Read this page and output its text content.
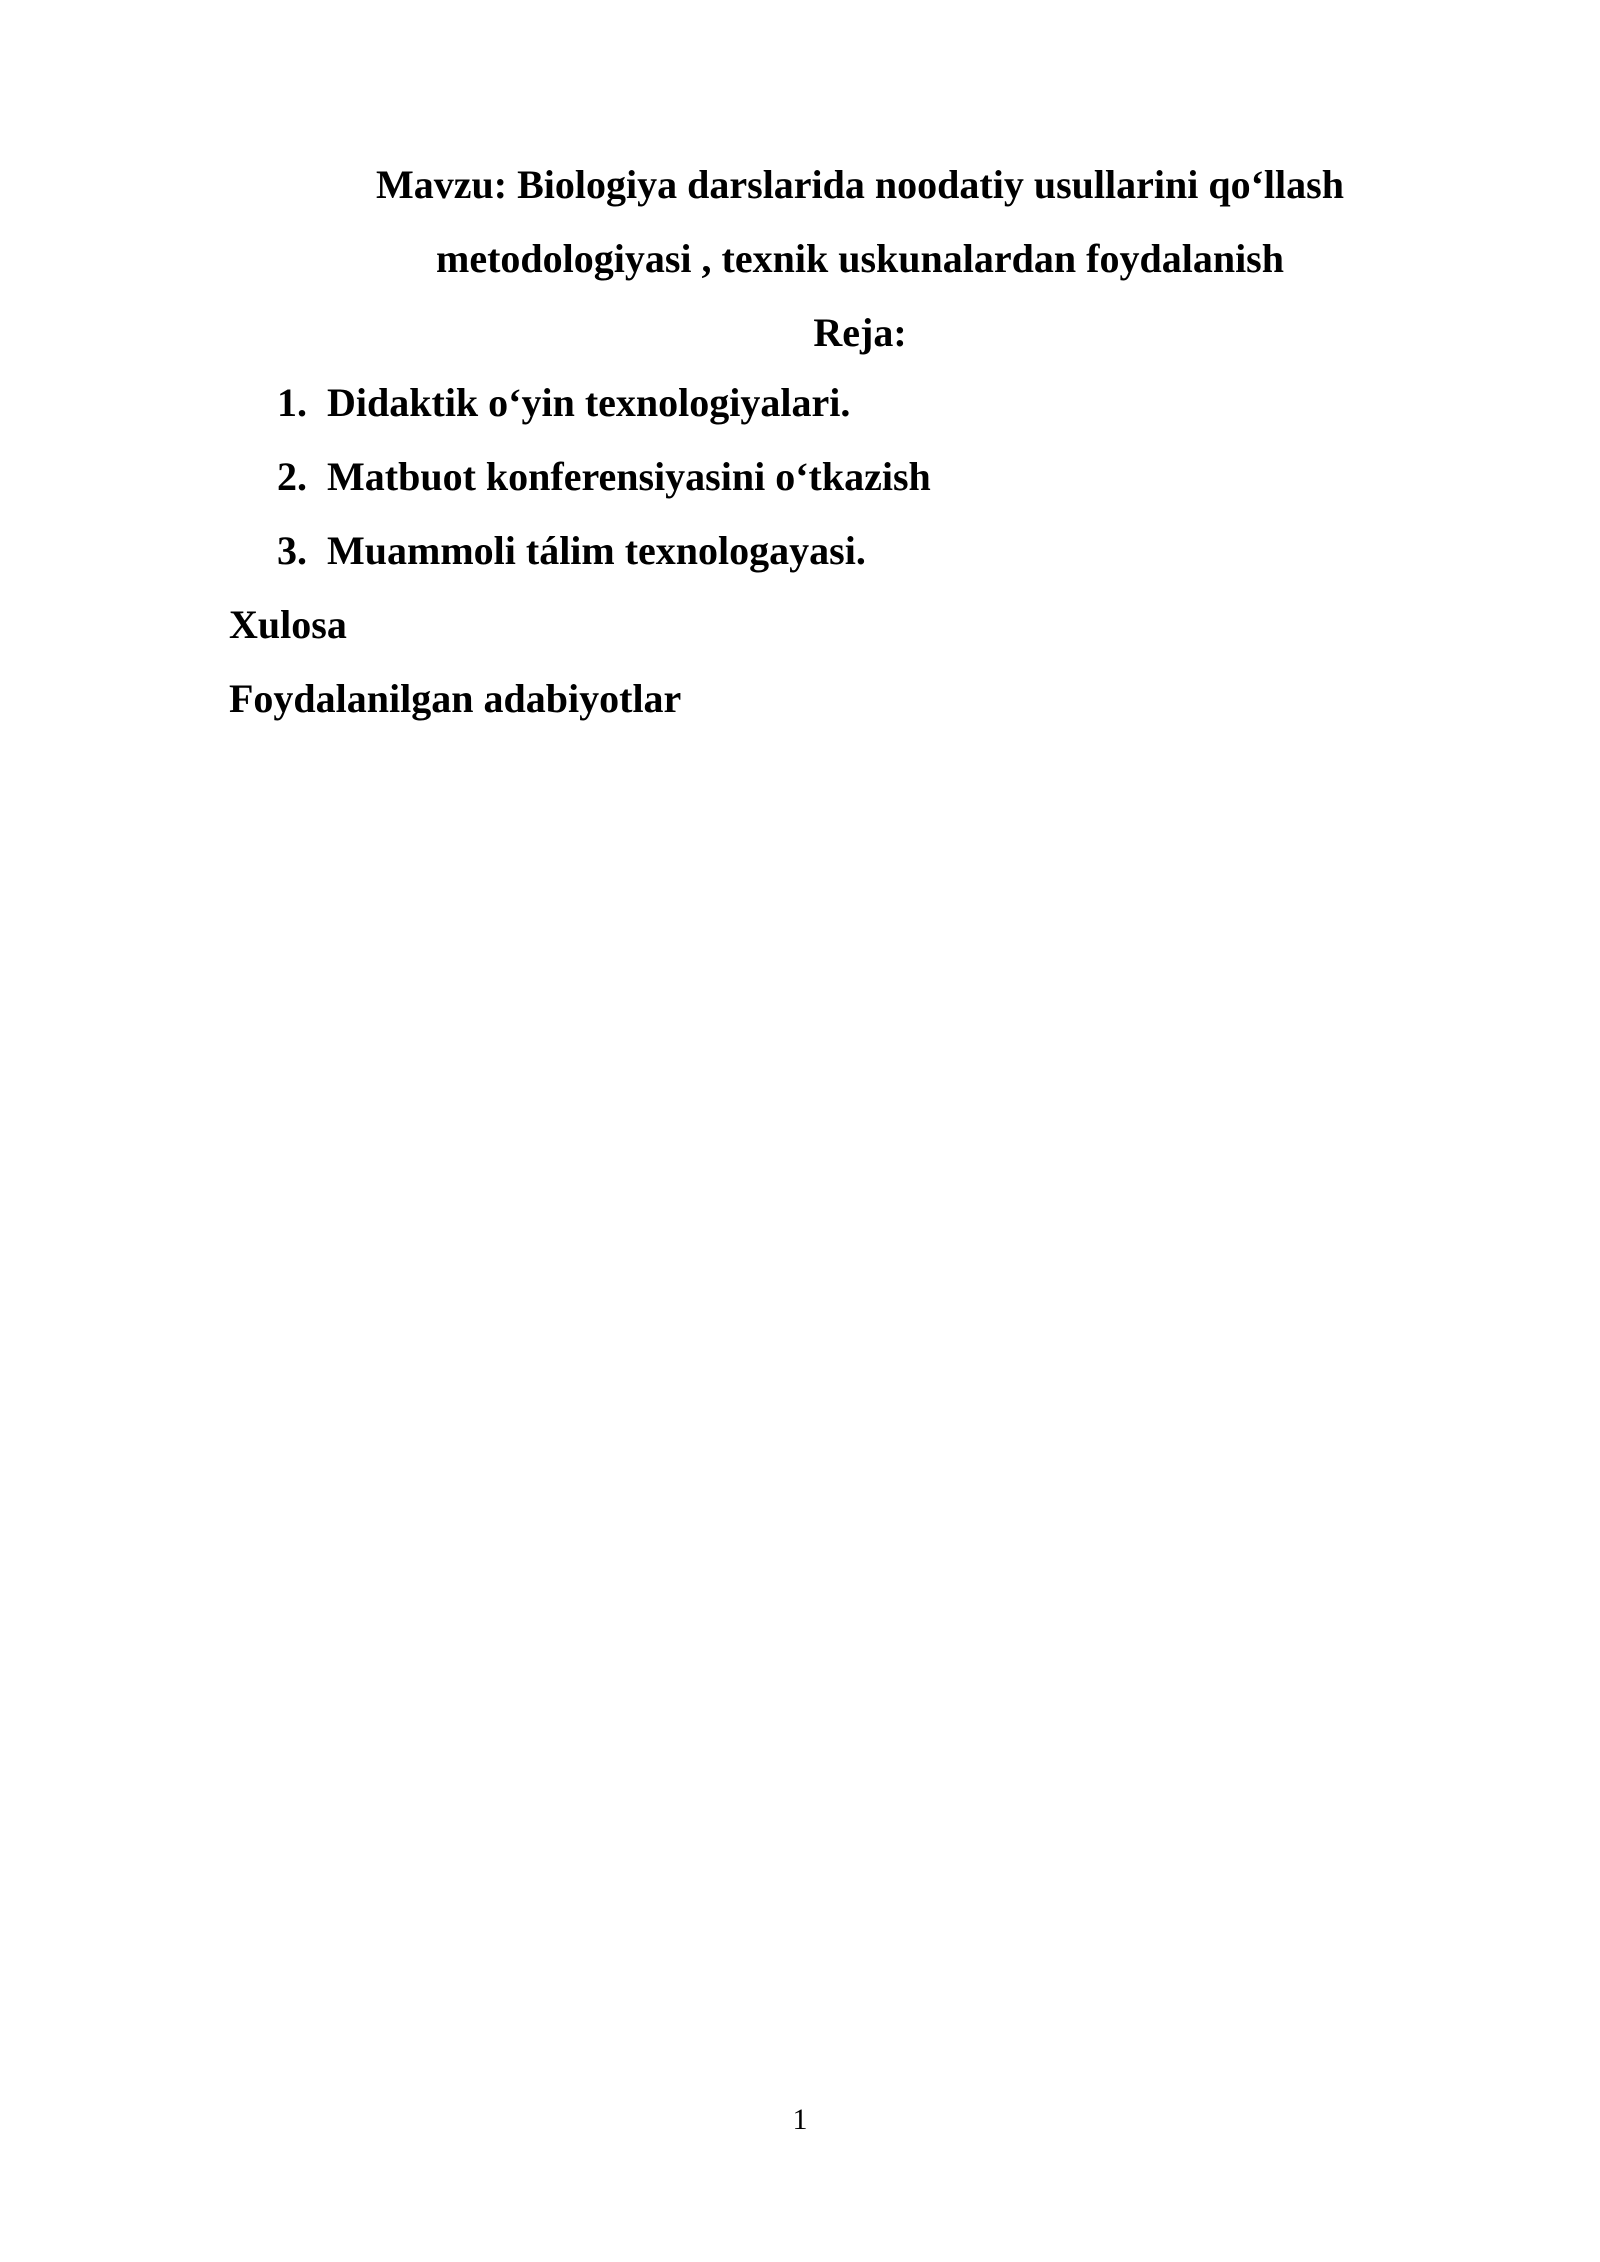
Mavzu: Biologiya darslarida noodatiy usullarini qo‘llash
metodologiyasi , texnik uskunalardan foydalanish
Reja:
1. Didaktik o‘yin texnologiyalari.
2. Matbuot konferensiyasini o‘tkazish
3. Muammoli tálim texnologayasi.
Xulosa
Foydalanilgan adabiyotlar
1
